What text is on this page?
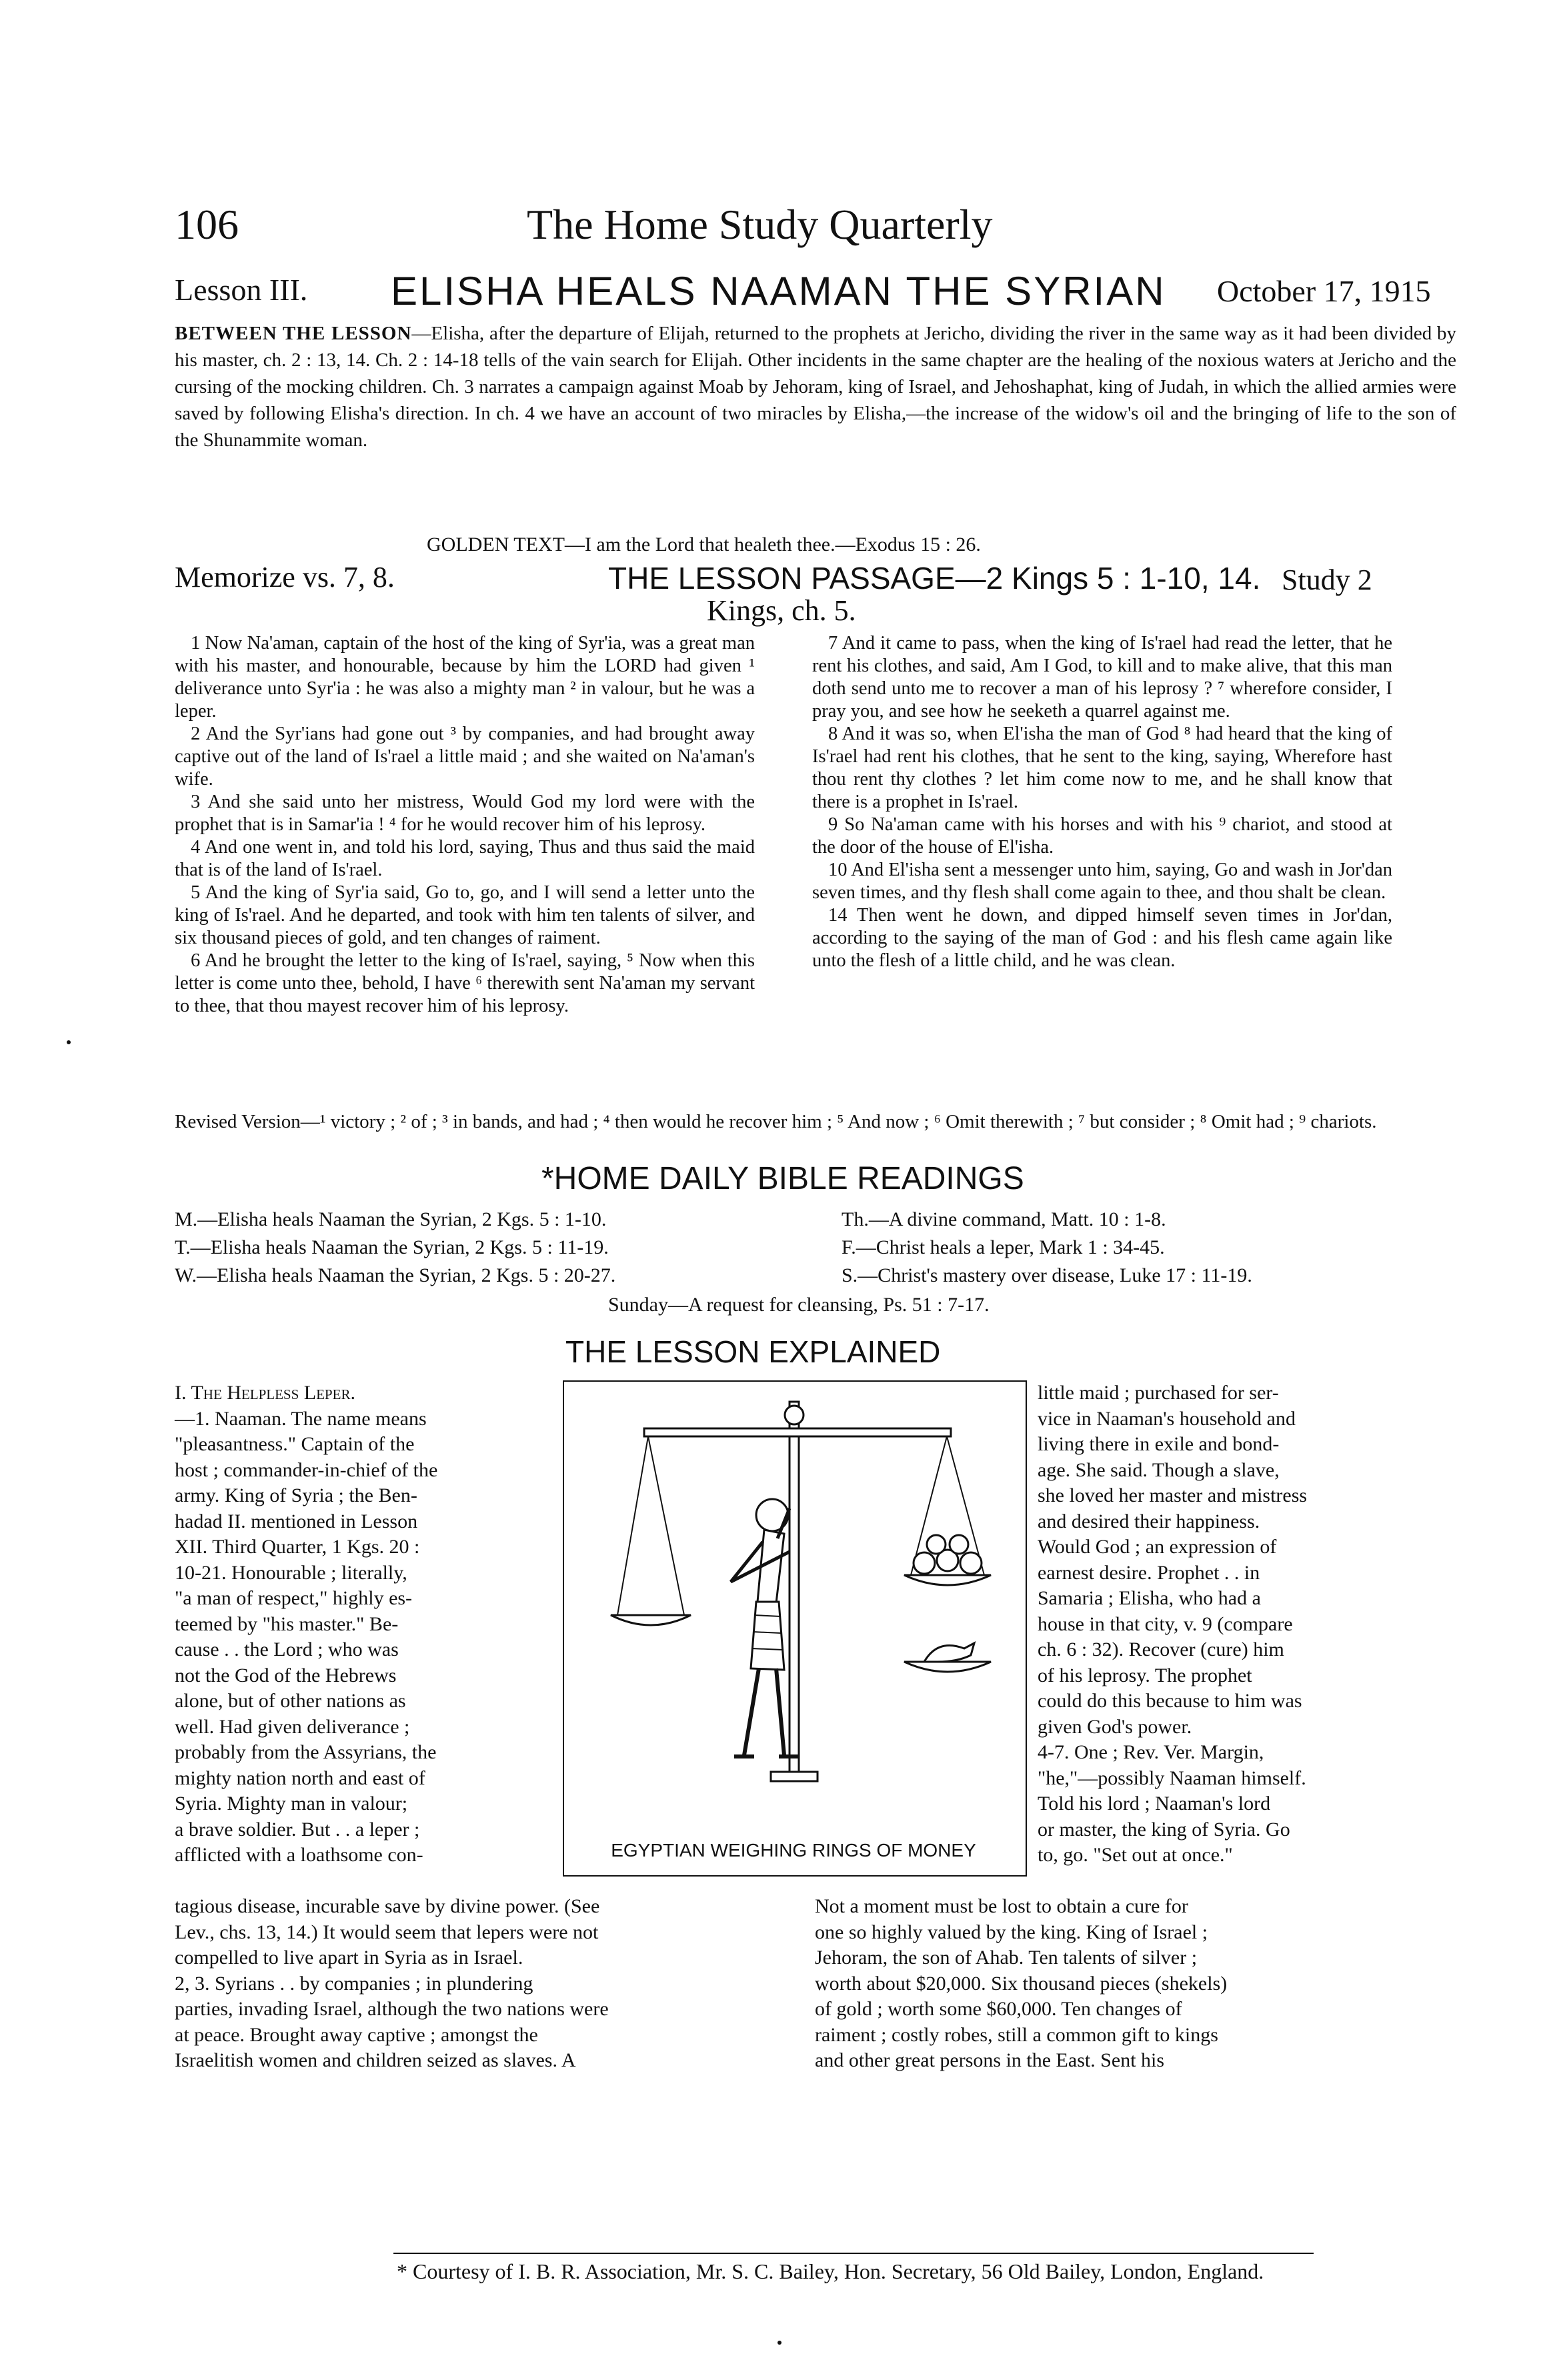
106	The Home Study Quarterly
Lesson III. ELISHA HEALS NAAMAN THE SYRIAN October 17, 1915
BETWEEN THE LESSON—Elisha, after the departure of Elijah, returned to the prophets at Jericho, dividing the river in the same way as it had been divided by his master, ch. 2 : 13, 14. Ch. 2 : 14-18 tells of the vain search for Elijah. Other incidents in the same chapter are the healing of the noxious waters at Jericho and the cursing of the mocking children. Ch. 3 narrates a campaign against Moab by Jehoram, king of Israel, and Jehoshaphat, king of Judah, in which the allied armies were saved by following Elisha's direction. In ch. 4 we have an account of two miracles by Elisha,—the increase of the widow's oil and the bringing of life to the son of the Shunammite woman.
GOLDEN TEXT—I am the Lord that healeth thee.—Exodus 15 : 26.
Memorize vs. 7, 8.	THE LESSON PASSAGE—2 Kings 5 : 1-10, 14. Study 2
Kings, ch. 5.

1 Now Na'aman, captain of the host of the king of Syr'ia, was a great man with his master, and honourable, because by him the LORD had given ¹ deliverance unto Syr'ia : he was also a mighty man ² in valour, but he was a leper.

2 And the Syr'ians had gone out ³ by companies, and had brought away captive out of the land of Is'rael a little maid ; and she waited on Na'aman's wife.

3 And she said unto her mistress, Would God my lord were with the prophet that is in Samar'ia ! ⁴ for he would recover him of his leprosy.

4 And one went in, and told his lord, saying, Thus and thus said the maid that is of the land of Is'rael.

5 And the king of Syr'ia said, Go to, go, and I will send a letter unto the king of Is'rael. And he departed, and took with him ten talents of silver, and six thousand pieces of gold, and ten changes of raiment.

6 And he brought the letter to the king of Is'rael, saying, ⁵ Now when this letter is come unto thee, behold, I have ⁶ therewith sent Na'aman my servant to thee, that thou mayest recover him of his leprosy.

7 And it came to pass, when the king of Is'rael had read the letter, that he rent his clothes, and said, Am I God, to kill and to make alive, that this man doth send unto me to recover a man of his leprosy ? ⁷ wherefore consider, I pray you, and see how he seeketh a quarrel against me.

8 And it was so, when El'isha the man of God ⁸ had heard that the king of Is'rael had rent his clothes, that he sent to the king, saying, Wherefore hast thou rent thy clothes ? let him come now to me, and he shall know that there is a prophet in Is'rael.

9 So Na'aman came with his horses and with his ⁹ chariot, and stood at the door of the house of El'isha.

10 And El'isha sent a messenger unto him, saying, Go and wash in Jor'dan seven times, and thy flesh shall come again to thee, and thou shalt be clean.

14 Then went he down, and dipped himself seven times in Jor'dan, according to the saying of the man of God : and his flesh came again like unto the flesh of a little child, and he was clean.

Revised Version—¹ victory ; ² of ; ³ in bands, and had ; ⁴ then would he recover him ; ⁵ And now ; ⁶ Omit therewith ; ⁷ but consider ; ⁸ Omit had ; ⁹ chariots.
*HOME DAILY BIBLE READINGS
M.—Elisha heals Naaman the Syrian, 2 Kgs. 5 : 1-10.
T.—Elisha heals Naaman the Syrian, 2 Kgs. 5 : 11-19.
W.—Elisha heals Naaman the Syrian, 2 Kgs. 5 : 20-27.
Th.—A divine command, Matt. 10 : 1-8.
F.—Christ heals a leper, Mark 1 : 34-45.
S.—Christ's mastery over disease, Luke 17 : 11-19.
Sunday—A request for cleansing, Ps. 51 : 7-17.
THE LESSON EXPLAINED

I. The Helpless Leper.

—1. Naaman. The name means

"pleasantness." Captain of the

host ; commander-in-chief of the

army. King of Syria ; the Ben-

hadad II. mentioned in Lesson

XII. Third Quarter, 1 Kgs. 20 :

10-21. Honourable ; literally,

"a man of respect," highly es-

teemed by "his master." Be-

cause . . the Lord ; who was

not the God of the Hebrews

alone, but of other nations as

well. Had given deliverance ;

probably from the Assyrians, the

mighty nation north and east of

Syria. Mighty man in valour;

a brave soldier. But . . a leper ;

afflicted with a loathsome con-	EGYPTIAN WEIGHING RINGS OF MONEY

little maid ; purchased for ser-

vice in Naaman's household and

living there in exile and bond-

age. She said. Though a slave,

she loved her master and mistress

and desired their happiness.

Would God ; an expression of

earnest desire. Prophet . . in

Samaria ; Elisha, who had a

house in that city, v. 9 (compare

ch. 6 : 32). Recover (cure) him

of his leprosy. The prophet

could do this because to him was

given God's power.

4-7. One ; Rev. Ver. Margin,

"he,"—possibly Naaman himself.

Told his lord ; Naaman's lord

or master, the king of Syria. Go

to, go. "Set out at once."

tagious disease, incurable save by divine power. (See

Lev., chs. 13, 14.) It would seem that lepers were not

compelled to live apart in Syria as in Israel.

2, 3. Syrians . . by companies ; in plundering

parties, invading Israel, although the two nations were

at peace. Brought away captive ; amongst the

Israelitish women and children seized as slaves. A

Not a moment must be lost to obtain a cure for

one so highly valued by the king. King of Israel ;

Jehoram, the son of Ahab. Ten talents of silver ;

worth about $20,000. Six thousand pieces (shekels)

of gold ; worth some $60,000. Ten changes of

raiment ; costly robes, still a common gift to kings

and other great persons in the East. Sent his

* Courtesy of I. B. R. Association, Mr. S. C. Bailey, Hon. Secretary, 56 Old Bailey, London, England.
